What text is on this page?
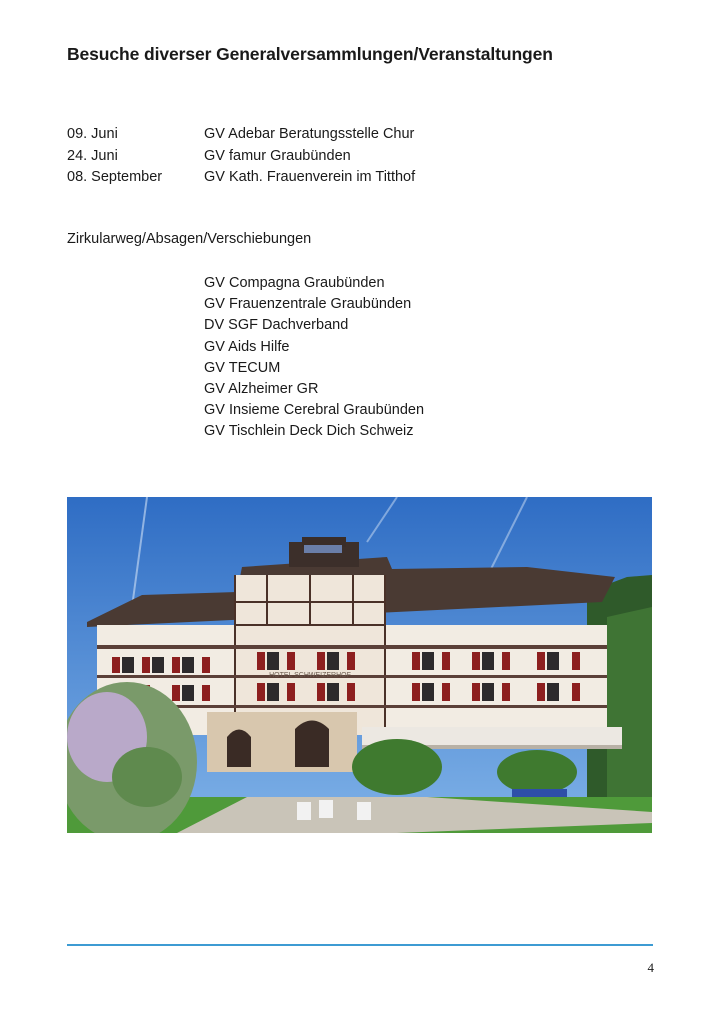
Besuche diverser Generalversammlungen/Veranstaltungen
09. Juni	GV Adebar Beratungsstelle Chur
24. Juni	GV famur Graubünden
08. September	GV Kath. Frauenverein im Titthof
Zirkularweg/Absagen/Verschiebungen
GV Compagna Graubünden
GV Frauenzentrale Graubünden
DV SGF Dachverband
GV Aids Hilfe
GV TECUM
GV Alzheimer GR
GV Insieme Cerebral Graubünden
GV Tischlein Deck Dich Schweiz
HOTEL SCHWEIZERHOF
4
